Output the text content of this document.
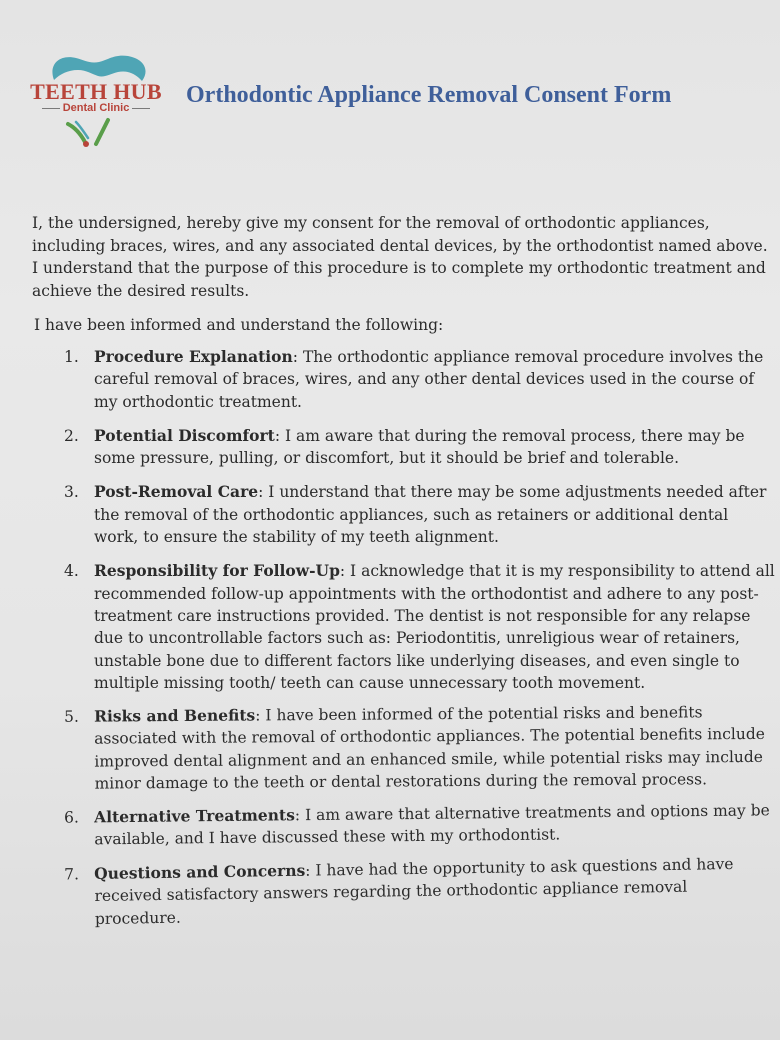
TEETH HUB
Dental Clinic	Orthodontic Appliance Removal Consent Form

I, the undersigned, hereby give my consent for the removal of orthodontic appliances, including braces, wires, and any associated dental devices, by the orthodontist named above. I understand that the purpose of this procedure is to complete my orthodontic treatment and achieve the desired results.

I have been informed and understand the following:

1. Procedure Explanation: The orthodontic appliance removal procedure involves the careful removal of braces, wires, and any other dental devices used in the course of my orthodontic treatment.
2. Potential Discomfort: I am aware that during the removal process, there may be some pressure, pulling, or discomfort, but it should be brief and tolerable.
3. Post-Removal Care: I understand that there may be some adjustments needed after the removal of the orthodontic appliances, such as retainers or additional dental work, to ensure the stability of my teeth alignment.
4. Responsibility for Follow-Up: I acknowledge that it is my responsibility to attend all recommended follow-up appointments with the orthodontist and adhere to any post-treatment care instructions provided. The dentist is not responsible for any relapse due to uncontrollable factors such as: Periodontitis, unreligious wear of retainers, unstable bone due to different factors like underlying diseases, and even single to multiple missing tooth/ teeth can cause unnecessary tooth movement.
5. Risks and Benefits: I have been informed of the potential risks and benefits associated with the removal of orthodontic appliances. The potential benefits include improved dental alignment and an enhanced smile, while potential risks may include minor damage to the teeth or dental restorations during the removal process.
6. Alternative Treatments: I am aware that alternative treatments and options may be available, and I have discussed these with my orthodontist.
7. Questions and Concerns: I have had the opportunity to ask questions and have received satisfactory answers regarding the orthodontic appliance removal procedure.
